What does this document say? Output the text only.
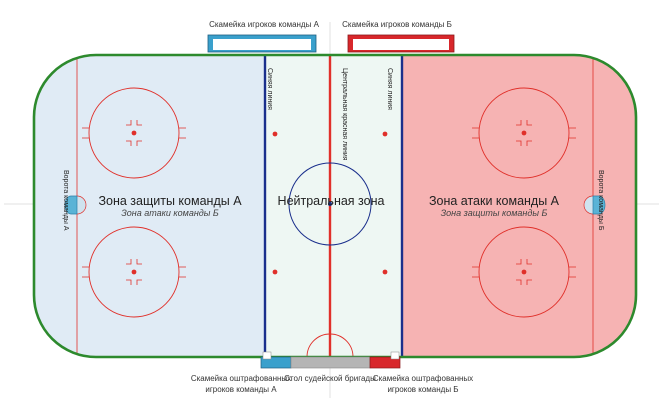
Скамейка игроков команды А	Скамейка игроков команды Б
Синяя линия	Центральная красная линия	Синяя линия
Ворота команды А	Ворота команды Б
Зона защиты команды А
Зона атаки команды Б
Нейтральная зона	Зона атаки команды А
Зона защиты команды Б
Скамейка оштрафованных
игроков команды А
Стол судейской бригады
Скамейка оштрафованных
игроков команды Б
